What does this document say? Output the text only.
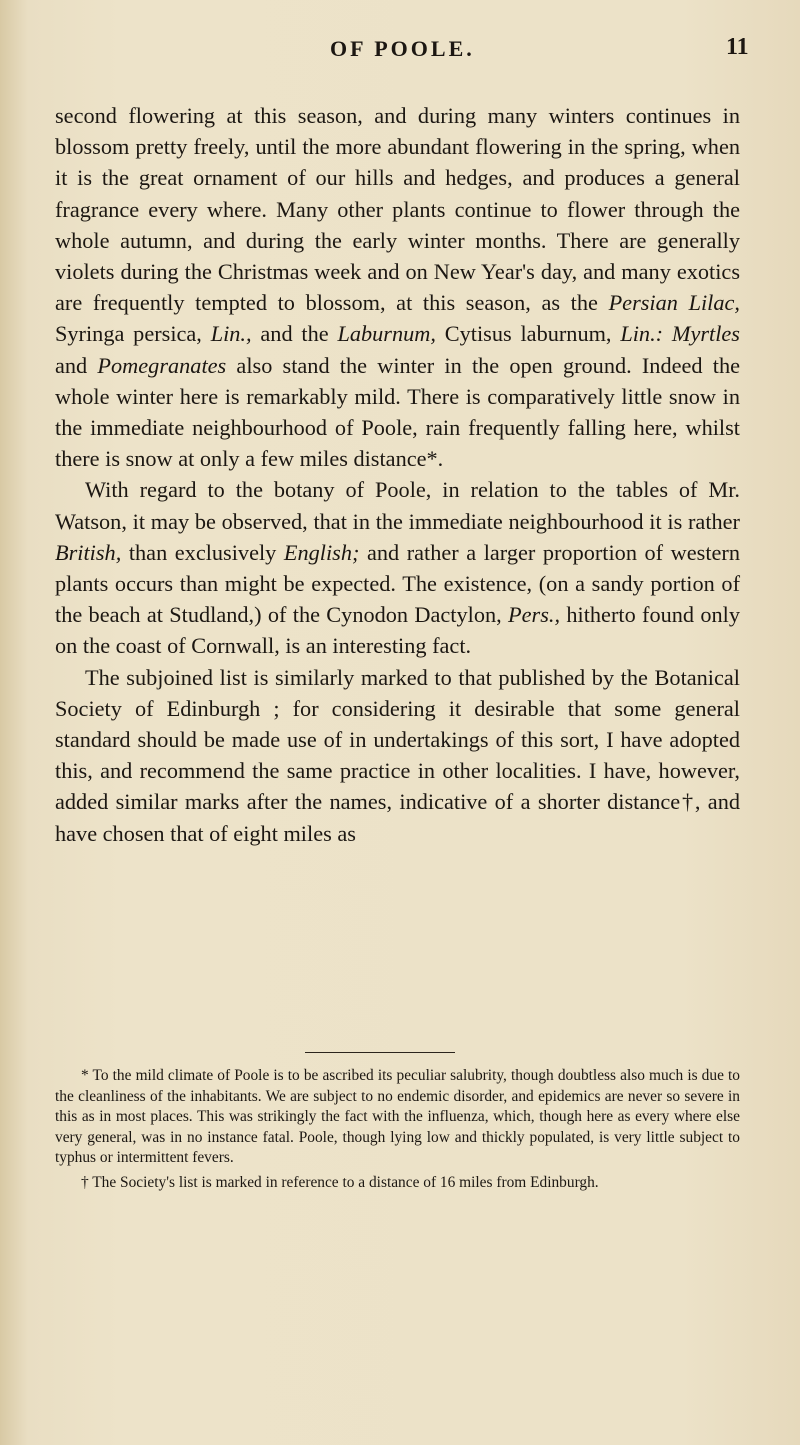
OF POOLE.	11

second flowering at this season, and during many winters continues in blossom pretty freely, until the more abundant flowering in the spring, when it is the great ornament of our hills and hedges, and produces a general fragrance every where. Many other plants continue to flower through the whole autumn, and during the early winter months. There are generally violets during the Christmas week and on New Year's day, and many exotics are frequently tempted to blossom, at this season, as the Persian Lilac, Syringa persica, Lin., and the Laburnum, Cytisus laburnum, Lin.: Myrtles and Pomegranates also stand the winter in the open ground. Indeed the whole winter here is remarkably mild. There is comparatively little snow in the immediate neighbourhood of Poole, rain frequently falling here, whilst there is snow at only a few miles distance*.

With regard to the botany of Poole, in relation to the tables of Mr. Watson, it may be observed, that in the immediate neighbourhood it is rather British, than exclusively English; and rather a larger proportion of western plants occurs than might be expected. The existence, (on a sandy portion of the beach at Studland,) of the Cynodon Dactylon, Pers., hitherto found only on the coast of Cornwall, is an interesting fact.

The subjoined list is similarly marked to that published by the Botanical Society of Edinburgh ; for considering it desirable that some general standard should be made use of in undertakings of this sort, I have adopted this, and recommend the same practice in other localities. I have, however, added similar marks after the names, indicative of a shorter distance†, and have chosen that of eight miles as

* To the mild climate of Poole is to be ascribed its peculiar salubrity, though doubtless also much is due to the cleanliness of the inhabitants. We are subject to no endemic disorder, and epidemics are never so severe in this as in most places. This was strikingly the fact with the influenza, which, though here as every where else very general, was in no instance fatal. Poole, though lying low and thickly populated, is very little subject to typhus or intermittent fevers.

† The Society's list is marked in reference to a distance of 16 miles from Edinburgh.
